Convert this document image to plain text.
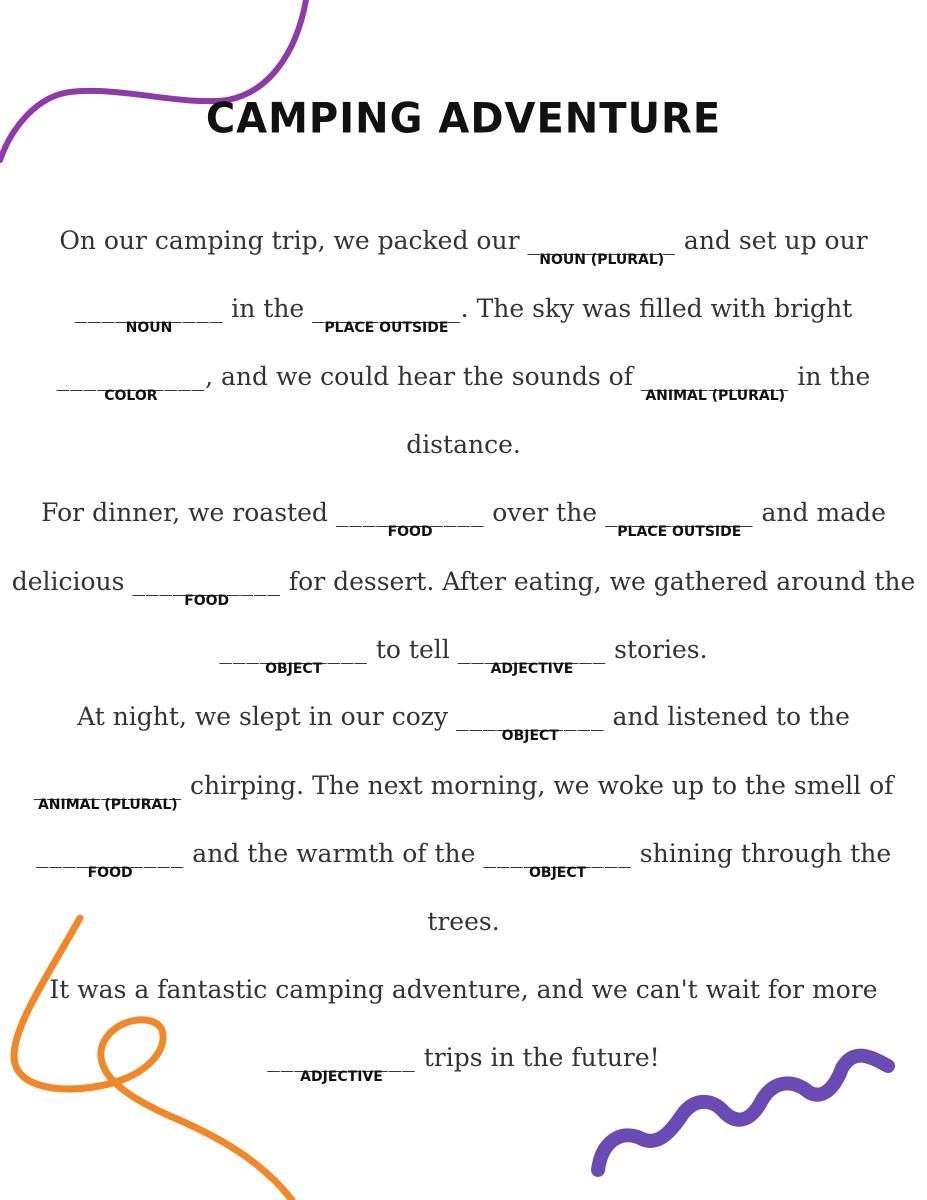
CAMPING ADVENTURE
On our camping trip, we packed our ___________
NOUN (PLURAL)
and set up our
___________
NOUN
in the ___________
PLACE OUTSIDE
. The sky was filled with bright
___________
COLOR
, and we could hear the sounds of ___________
ANIMAL (PLURAL)
in the
distance.
For dinner, we roasted ___________
FOOD
over the ___________
PLACE OUTSIDE
and made
delicious ___________
FOOD
for dessert. After eating, we gathered around the
___________
OBJECT
to tell ___________
ADJECTIVE
stories.
At night, we slept in our cozy ___________
OBJECT
and listened to the
___________
ANIMAL (PLURAL)
chirping. The next morning, we woke up to the smell of
___________
FOOD
and the warmth of the ___________
OBJECT
shining through the
trees.
It was a fantastic camping adventure, and we can't wait for more
___________
ADJECTIVE
trips in the future!
